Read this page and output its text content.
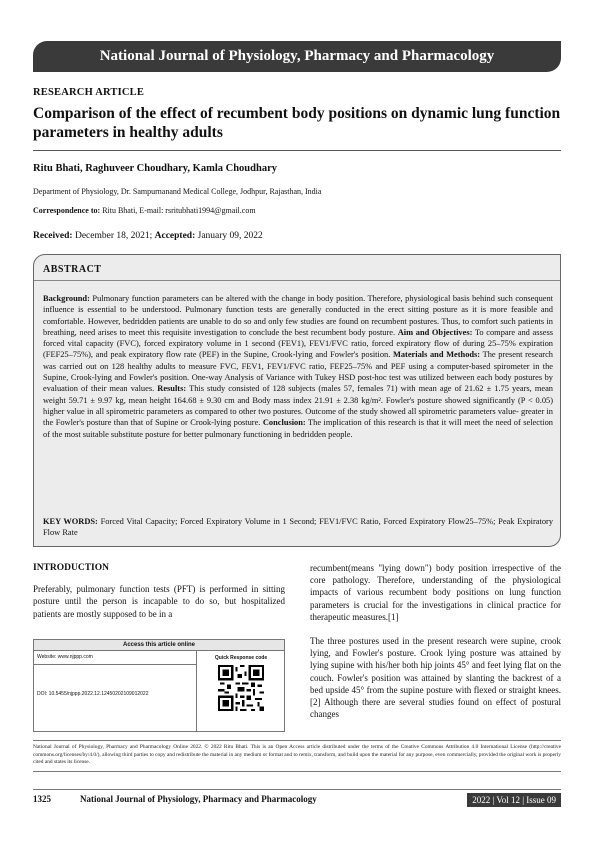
National Journal of Physiology, Pharmacy and Pharmacology
RESEARCH ARTICLE
Comparison of the effect of recumbent body positions on dynamic lung function parameters in healthy adults
Ritu Bhati, Raghuveer Choudhary, Kamla Choudhary
Department of Physiology, Dr. Sampurnanand Medical College, Jodhpur, Rajasthan, India
Correspondence to: Ritu Bhati, E-mail: rsritubhati1994@gmail.com
Received: December 18, 2021; Accepted: January 09, 2022
ABSTRACT

Background: Pulmonary function parameters can be altered with the change in body position. Therefore, physiological basis behind such consequent influence is essential to be understood. Pulmonary function tests are generally conducted in the erect sitting posture as it is more feasible and comfortable. However, bedridden patients are unable to do so and only few studies are found on recumbent postures. Thus, to comfort such patients in breathing, need arises to meet this requisite investigation to conclude the best recumbent body posture. Aim and Objectives: To compare and assess forced vital capacity (FVC), forced expiratory volume in 1 second (FEV1), FEV1/FVC ratio, forced expiratory flow of during 25–75% expiration (FEF25–75%), and peak expiratory flow rate (PEF) in the Supine, Crook-lying and Fowler's position. Materials and Methods: The present research was carried out on 128 healthy adults to measure FVC, FEV1, FEV1/FVC ratio, FEF25–75% and PEF using a computer-based spirometer in the Supine, Crook-lying and Fowler's position. One-way Analysis of Variance with Tukey HSD post-hoc test was utilized between each body postures by evaluation of their mean values. Results: This study consisted of 128 subjects (males 57, females 71) with mean age of 21.62 ± 1.75 years, mean weight 59.71 ± 9.97 kg, mean height 164.68 ± 9.30 cm and Body mass index 21.91 ± 2.38 kg/m². Fowler's posture showed significantly (P < 0.05) higher value in all spirometric parameters as compared to other two postures. Outcome of the study showed all spirometric parameters value- greater in the Fowler's posture than that of Supine or Crook-lying posture. Conclusion: The implication of this research is that it will meet the need of selection of the most suitable substitute posture for better pulmonary functioning in bedridden people.

KEY WORDS: Forced Vital Capacity; Forced Expiratory Volume in 1 Second; FEV1/FVC Ratio, Forced Expiratory Flow25–75%; Peak Expiratory Flow Rate
INTRODUCTION

Preferably, pulmonary function tests (PFT) is performed in sitting posture until the person is incapable to do so, but hospitalized patients are mostly supposed to be in a

Access this article online
Website: www.njppp.com
DOI: 10.5455/njppp.2022.12.12450202109012022
Quick Response code

recumbent(means "lying down") body position irrespective of the core pathology. Therefore, understanding of the physiological impacts of various recumbent body positions on lung function parameters is crucial for the investigations in clinical practice for therapeutic measures.[1]

The three postures used in the present research were supine, crook lying, and Fowler's posture. Crook lying posture was attained by lying supine with his/her both hip joints 45° and feet lying flat on the couch. Fowler's position was attained by slanting the backrest of a bed upside 45° from the supine posture with flexed or straight knees.[2] Although there are several studies found on effect of postural changes

National Journal of Physiology, Pharmacy and Pharmacology Online 2022. © 2022 Ritu Bhati. This is an Open Access article distributed under the terms of the Creative Commons Attribution 4.0 International License (http://creative commons.org/licenses/by/4.0/), allowing third parties to copy and redistribute the material in any medium or format and to remix, transform, and build upon the material for any purpose, even commercially, provided the original work is properly cited and states its license.
1325	National Journal of Physiology, Pharmacy and Pharmacology	2022 | Vol 12 | Issue 09
